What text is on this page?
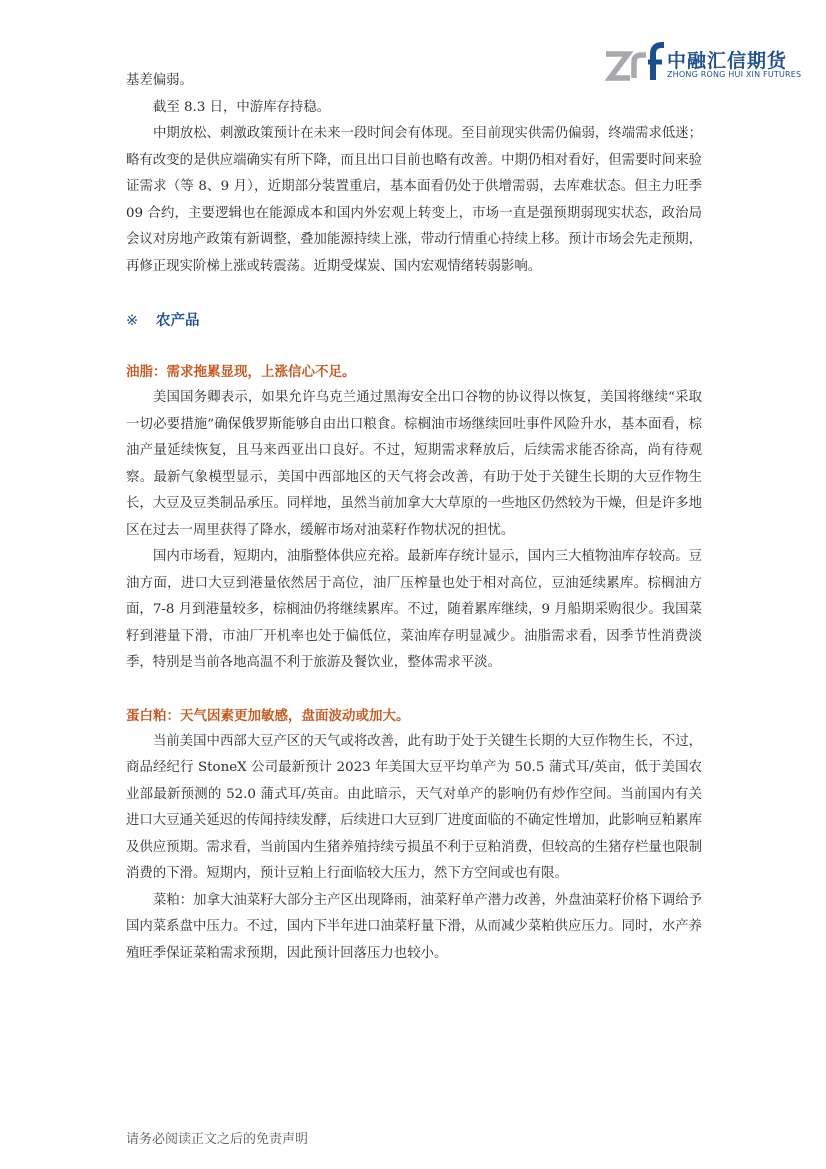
中融汇信期货
ZHONG RONG HUI XIN FUTURES

基差偏弱。

截至 8.3 日，中游库存持稳。

中期放松、刺激政策预计在未来一段时间会有体现。至目前现实供需仍偏弱，终端需求低迷；略有改变的是供应端确实有所下降，而且出口目前也略有改善。中期仍相对看好，但需要时间来验证需求（等 8、9 月），近期部分装置重启，基本面看仍处于供增需弱，去库难状态。但主力旺季 09 合约，主要逻辑也在能源成本和国内外宏观上转变上，市场一直是强预期弱现实状态，政治局会议对房地产政策有新调整，叠加能源持续上涨，带动行情重心持续上移。预计市场会先走预期，再修正现实阶梯上涨或转震荡。近期受煤炭、国内宏观情绪转弱影响。

※ 农产品

油脂：需求拖累显现，上涨信心不足。

美国国务卿表示，如果允许乌克兰通过黑海安全出口谷物的协议得以恢复，美国将继续“采取一切必要措施”确保俄罗斯能够自由出口粮食。棕榈油市场继续回吐事件风险升水，基本面看，棕油产量延续恢复，且马来西亚出口良好。不过，短期需求释放后，后续需求能否徐高，尚有待观察。最新气象模型显示，美国中西部地区的天气将会改善，有助于处于关键生长期的大豆作物生长，大豆及豆类制品承压。同样地，虽然当前加拿大大草原的一些地区仍然较为干燥，但是许多地区在过去一周里获得了降水，缓解市场对油菜籽作物状况的担忧。

国内市场看，短期内，油脂整体供应充裕。最新库存统计显示，国内三大植物油库存较高。豆油方面，进口大豆到港量依然居于高位，油厂压榨量也处于相对高位，豆油延续累库。棕榈油方面，7-8 月到港量较多，棕榈油仍将继续累库。不过，随着累库继续，9 月船期采购很少。我国菜籽到港量下滑，市油厂开机率也处于偏低位，菜油库存明显减少。油脂需求看，因季节性消费淡季，特别是当前各地高温不利于旅游及餐饮业，整体需求平淡。

蛋白粕：天气因素更加敏感，盘面波动或加大。

当前美国中西部大豆产区的天气或将改善，此有助于处于关键生长期的大豆作物生长，不过，商品经纪行 StoneX 公司最新预计 2023 年美国大豆平均单产为 50.5 蒲式耳/英亩，低于美国农业部最新预测的 52.0 蒲式耳/英亩。由此暗示，天气对单产的影响仍有炒作空间。当前国内有关进口大豆通关延迟的传闻持续发酵，后续进口大豆到厂进度面临的不确定性增加，此影响豆粕累库及供应预期。需求看，当前国内生猪养殖持续亏损虽不利于豆粕消费，但较高的生猪存栏量也限制消费的下滑。短期内，预计豆粕上行面临较大压力，然下方空间或也有限。

菜粕：加拿大油菜籽大部分主产区出现降雨，油菜籽单产潜力改善，外盘油菜籽价格下调给予国内菜系盘中压力。不过，国内下半年进口油菜籽量下滑，从而减少菜粕供应压力。同时，水产养殖旺季保证菜粕需求预期，因此预计回落压力也较小。

请务必阅读正文之后的免责声明
